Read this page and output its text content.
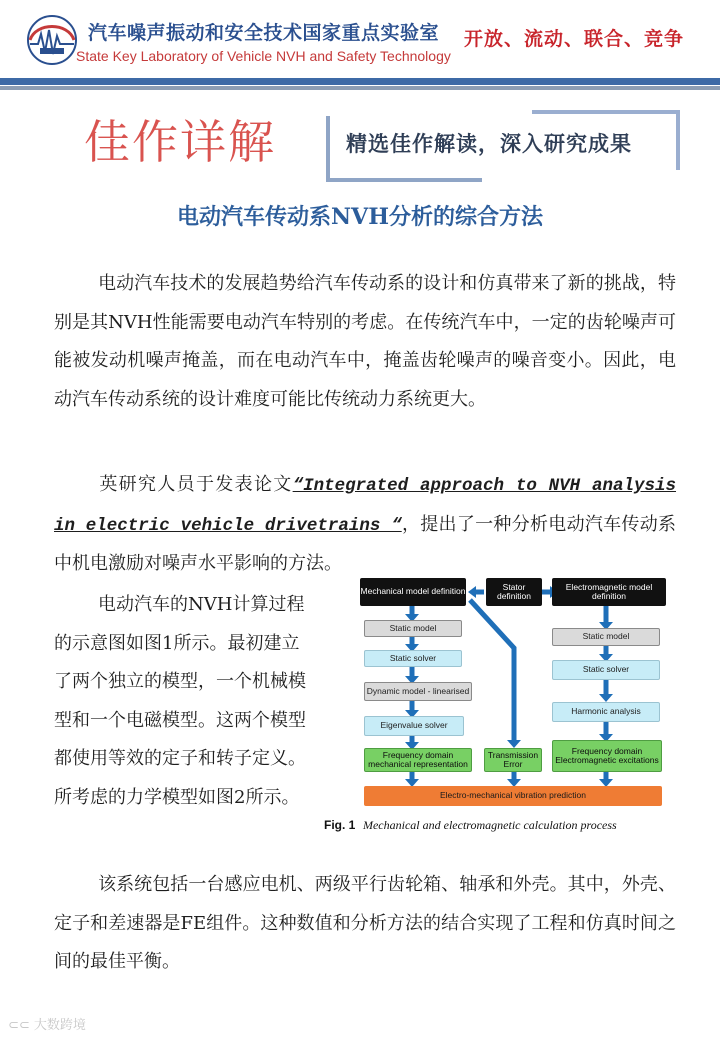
汽车噪声振动和安全技术国家重点实验室
State Key Laboratory of Vehicle NVH and Safety Technology
开放、流动、联合、竞争
佳作详解	精选佳作解读，深入研究成果
电动汽车传动系NVH分析的综合方法
电动汽车技术的发展趋势给汽车传动系的设计和仿真带来了新的挑战，特别是其NVH性能需要电动汽车特别的考虑。在传统汽车中，一定的齿轮噪声可能被发动机噪声掩盖，而在电动汽车中，掩盖齿轮噪声的噪音变小。因此，电动汽车传动系统的设计难度可能比传统动力系统更大。
英研究人员于发表论文“Integrated approach to NVH analysis in electric vehicle drivetrains “，提出了一种分析电动汽车传动系中机电激励对噪声水平影响的方法。
电动汽车的NVH计算过程的示意图如图1所示。最初建立了两个独立的模型，一个机械模型和一个电磁模型。这两个模型都使用等效的定子和转子定义。所考虑的力学模型如图2所示。
Mechanical model definition	Stator definition
Electromagnetic model definition
Static model
Static solver
Dynamic model - linearised
Eigenvalue solver
Frequency domain mechanical representation
Transmission Error
Static model
Static solver
Harmonic analysis
Frequency domain Electromagnetic excitations
Electro-mechanical vibration prediction
Fig. 1 Mechanical and electromagnetic calculation process
该系统包括一台感应电机、两级平行齿轮箱、轴承和外壳。其中，外壳、定子和差速器是FE组件。这种数值和分析方法的结合实现了工程和仿真时间之间的最佳平衡。
⊂⊂ 大数跨境
